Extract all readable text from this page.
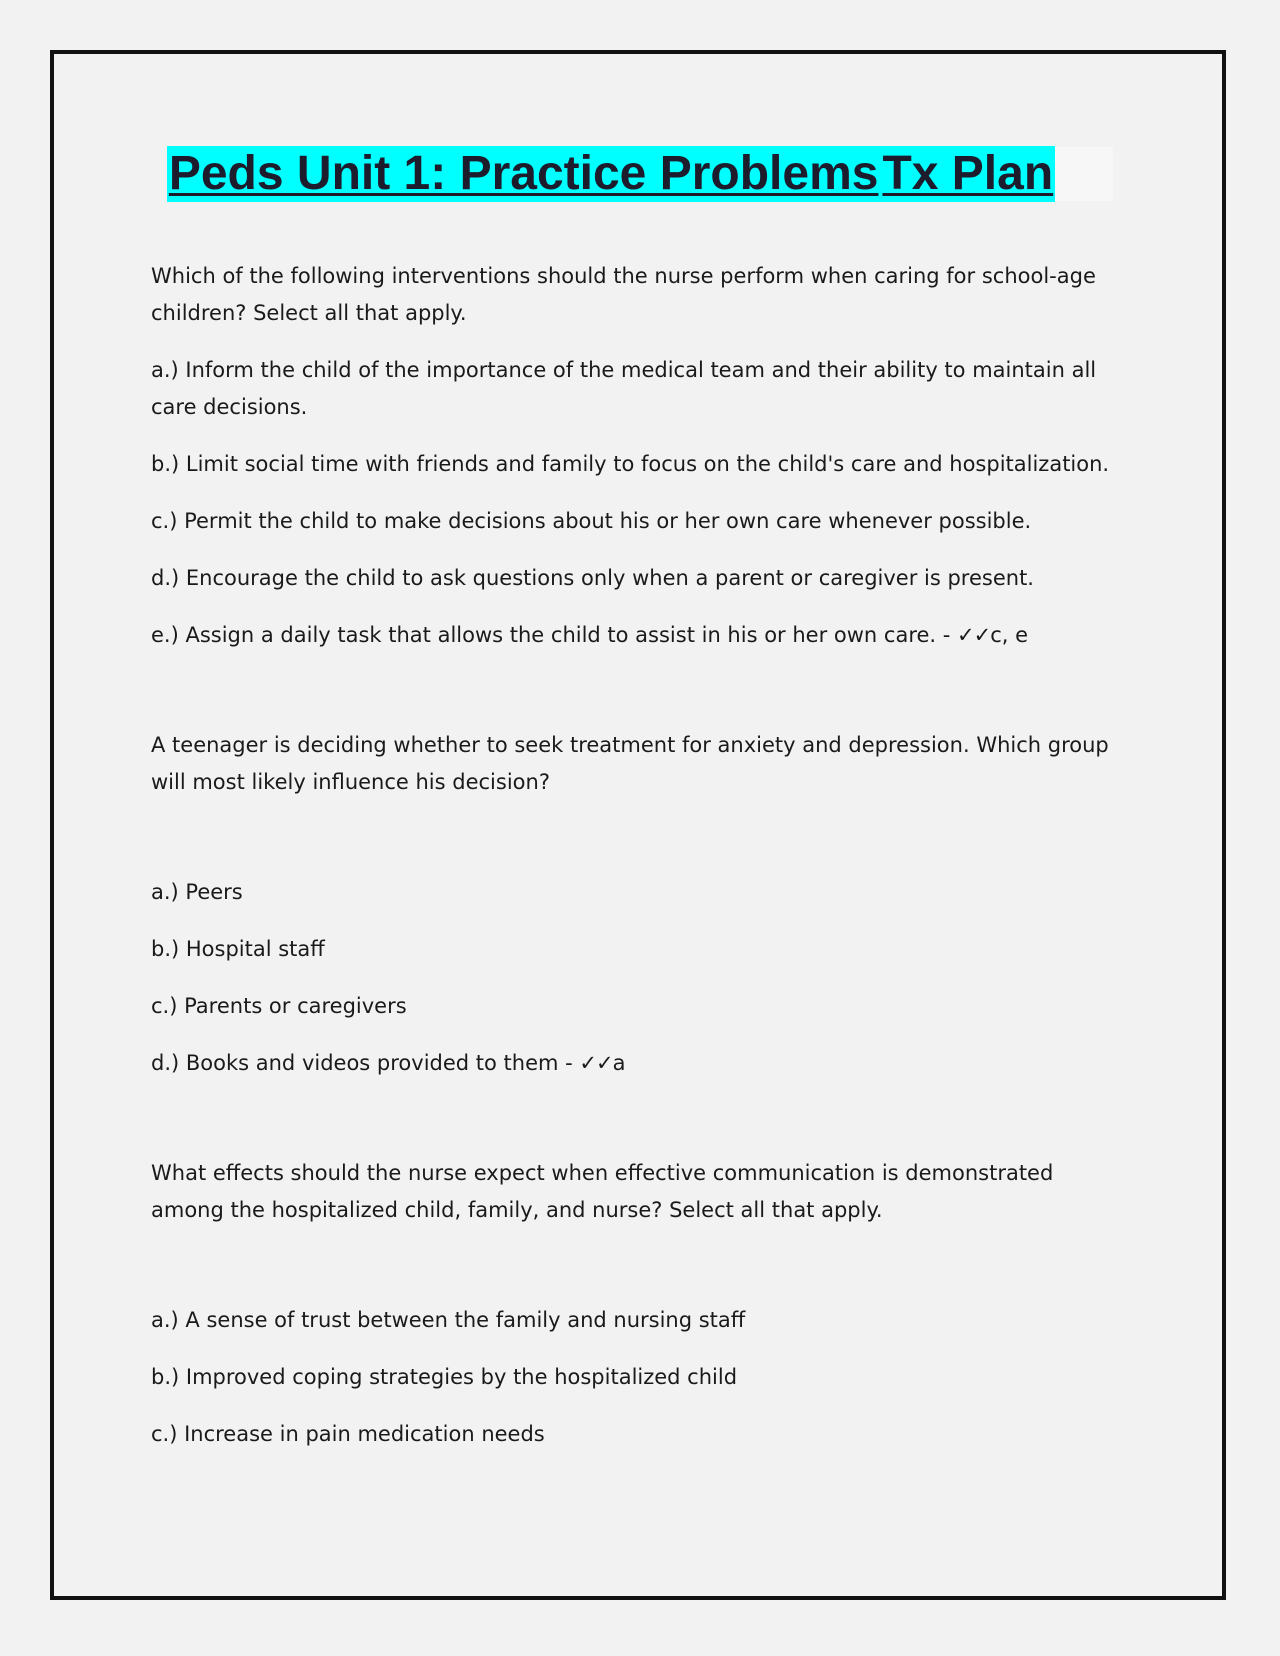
Peds Unit 1: Practice ProblemsTx Plan

Which of the following interventions should the nurse perform when caring for school-age children? Select all that apply.

a.) Inform the child of the importance of the medical team and their ability to maintain all care decisions.

b.) Limit social time with friends and family to focus on the child's care and hospitalization.

c.) Permit the child to make decisions about his or her own care whenever possible.

d.) Encourage the child to ask questions only when a parent or caregiver is present.

e.) Assign a daily task that allows the child to assist in his or her own care. - ✓✓c, e

A teenager is deciding whether to seek treatment for anxiety and depression. Which group will most likely influence his decision?

a.) Peers

b.) Hospital staff

c.) Parents or caregivers

d.) Books and videos provided to them - ✓✓a

What effects should the nurse expect when effective communication is demonstrated among the hospitalized child, family, and nurse? Select all that apply.

a.) A sense of trust between the family and nursing staff

b.) Improved coping strategies by the hospitalized child

c.) Increase in pain medication needs
